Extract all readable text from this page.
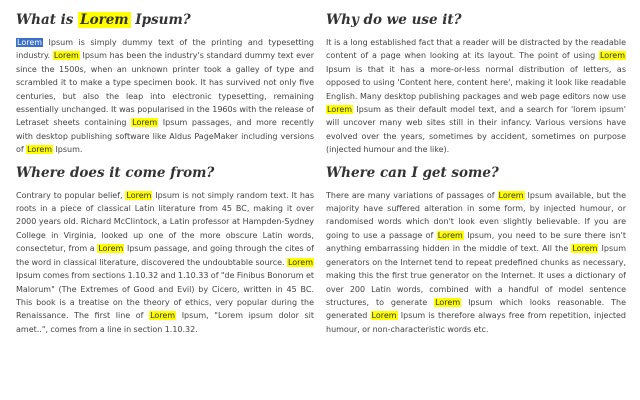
What is Lorem Ipsum?

Lorem Ipsum is simply dummy text of the printing and typesetting industry. Lorem Ipsum has been the industry's standard dummy text ever since the 1500s, when an unknown printer took a galley of type and scrambled it to make a type specimen book. It has survived not only five centuries, but also the leap into electronic typesetting, remaining essentially unchanged. It was popularised in the 1960s with the release of Letraset sheets containing Lorem Ipsum passages, and more recently with desktop publishing software like Aldus PageMaker including versions of Lorem Ipsum.

Why do we use it?

It is a long established fact that a reader will be distracted by the readable content of a page when looking at its layout. The point of using Lorem Ipsum is that it has a more-or-less normal distribution of letters, as opposed to using 'Content here, content here', making it look like readable English. Many desktop publishing packages and web page editors now use Lorem Ipsum as their default model text, and a search for 'lorem ipsum' will uncover many web sites still in their infancy. Various versions have evolved over the years, sometimes by accident, sometimes on purpose (injected humour and the like).

Where does it come from?

Contrary to popular belief, Lorem Ipsum is not simply random text. It has roots in a piece of classical Latin literature from 45 BC, making it over 2000 years old. Richard McClintock, a Latin professor at Hampden-Sydney College in Virginia, looked up one of the more obscure Latin words, consectetur, from a Lorem Ipsum passage, and going through the cites of the word in classical literature, discovered the undoubtable source. Lorem Ipsum comes from sections 1.10.32 and 1.10.33 of "de Finibus Bonorum et Malorum" (The Extremes of Good and Evil) by Cicero, written in 45 BC. This book is a treatise on the theory of ethics, very popular during the Renaissance. The first line of Lorem Ipsum, "Lorem ipsum dolor sit amet..", comes from a line in section 1.10.32.

Where can I get some?

There are many variations of passages of Lorem Ipsum available, but the majority have suffered alteration in some form, by injected humour, or randomised words which don't look even slightly believable. If you are going to use a passage of Lorem Ipsum, you need to be sure there isn't anything embarrassing hidden in the middle of text. All the Lorem Ipsum generators on the Internet tend to repeat predefined chunks as necessary, making this the first true generator on the Internet. It uses a dictionary of over 200 Latin words, combined with a handful of model sentence structures, to generate Lorem Ipsum which looks reasonable. The generated Lorem Ipsum is therefore always free from repetition, injected humour, or non-characteristic words etc.
